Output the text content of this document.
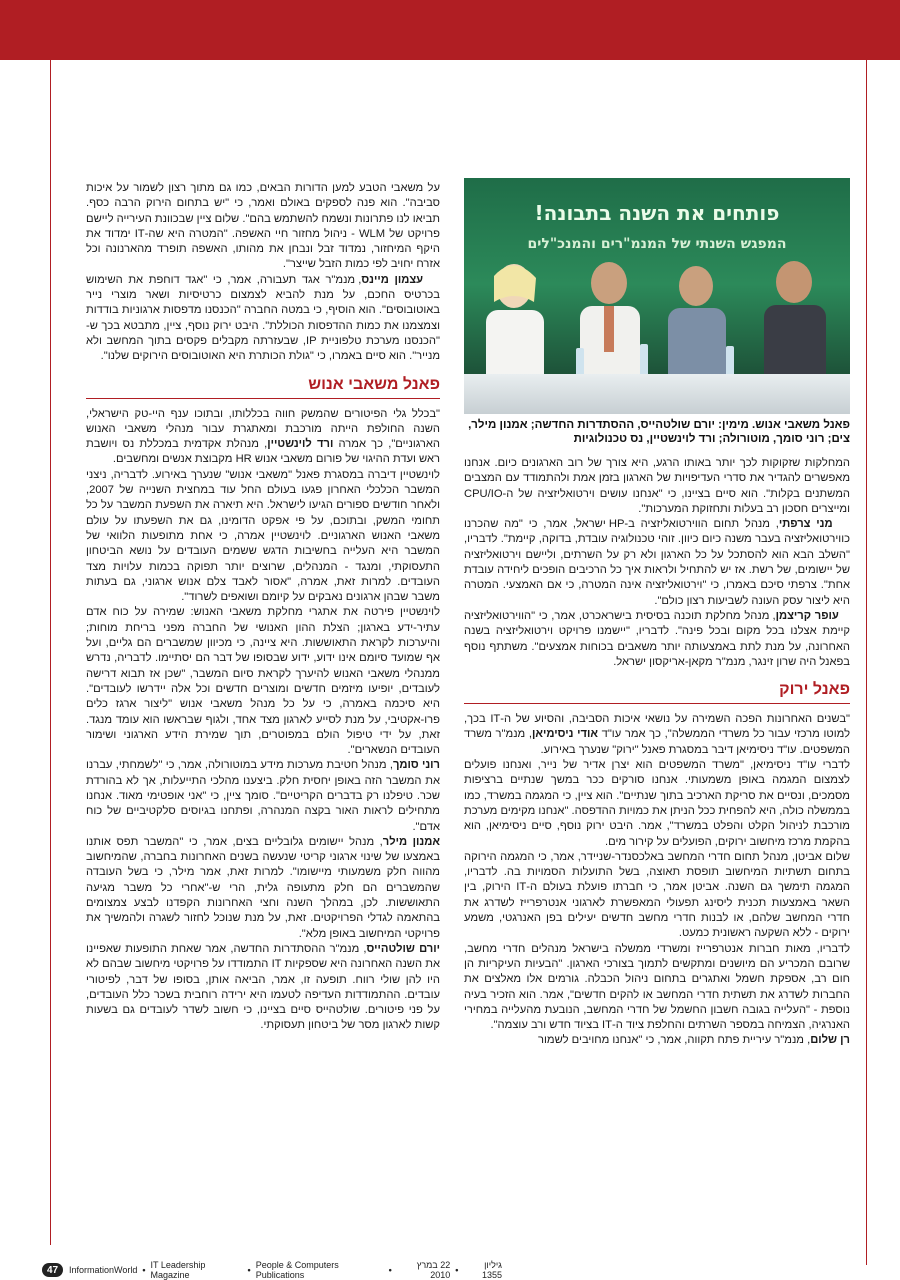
על משאבי הטבע למען הדורות הבאים, כמו גם מתוך רצון לשמור על איכות סביבה". הוא פנה לספקים באולם ואמר, כי "יש בתחום הירוק הרבה כסף. תביאו לנו פתרונות ונשמח להשתמש בהם". שלום ציין שבכוונת העירייה ליישם פרויקט של WLM - ניהול מחזור חיי האשפה. "המטרה היא שה-IT ימדוד את היקף המיחזור, נמדוד זבל ונבחן את מהותו, האשפה תופרד מהארנונה וכל אזרח יחויב לפי כמות הזבל שייצר".

עצמון מיינס, מנמ"ר אגד תעבורה, אמר, כי "אגד דוחפת את השימוש בכרטיס החכם, על מנת להביא לצמצום כרטיסיות ושאר מוצרי נייר באוטובוסים". הוא הוסיף, כי במטה החברה "הכנסנו מדפסות ארגוניות בודדות וצמצמנו את כמות ההדפסות הכוללת". היבט ירוק נוסף, ציין, מתבטא בכך ש-"הכנסנו מערכת טלפוניית IP, שבעזרתה מקבלים פקסים בתוך המחשב ולא מנייר". הוא סיים באמרו, כי "גולת הכותרת היא האוטובוסים הירוקים שלנו".

פאנל משאבי אנוש

"בכלל גלי הפיטורים שהמשק חווה בכללותו, ובתוכו ענף היי-טק הישראלי, השנה החולפת הייתה מורכבת ומאתגרת עבור מנהלי משאבי האנוש הארגוניים", כך אמרה ורד לוינשטיין, מנהלת אקדמית במכללת נס ויושבת ראש ועדת ההיגוי של פורום משאבי אנוש HR מקבוצת אנשים ומחשבים.

לוינשטיין דיברה במסגרת פאנל "משאבי אנוש" שנערך באירוע. לדבריה, ניצני המשבר הכלכלי האחרון פגעו בעולם החל עוד במחצית השנייה של 2007, ולאחר חודשים ספורים הגיעו לישראל. היא תיארה את השפעת המשבר על כל תחומי המשק, ובתוכם, על פי אפקט הדומינו, גם את השפעתו על עולם משאבי האנוש הארגוניים. לוינשטיין אמרה, כי אחת מתופעות הלוואי של המשבר היא העלייה בחשיבות הדגש ששמים העובדים על נושא הביטחון התעסוקתי, ומנגד - המנהלים, שרוצים יותר תפוקה בכמות עלויות מצד העובדים. למרות זאת, אמרה, "אסור לאבד צלם אנוש ארגוני, גם בעתות משבר שבהן ארגונים נאבקים על קיומם ושואפים לשרוד".

לוינשטיין פירטה את אתגרי מחלקת משאבי האנוש: שמירה על כוח אדם עתיר-ידע בארגון; הצלת ההון האנושי של החברה מפני בריחת מוחות; והיערכות לקראת התאוששות. היא ציינה, כי מכיוון שמשברים הם גליים, ועל אף שמועד סיומם אינו ידוע, ידוע שבסופו של דבר הם יסתיימו. לדבריה, נדרש ממנהלי משאבי האנוש להיערך לקראת סיום המשבר, "שכן אז תבוא דרישה לעובדים, יופיעו מיזמים חדשים ומוצרים חדשים וכל אלה יידרשו לעובדים". היא סיכמה באמרה, כי על כל מנהל משאבי אנוש "ליצור ארגז כלים פרו-אקטיבי, על מנת לסייע לארגון מצד אחד, ולגוף שבראשו הוא עומד מנגד. זאת, על ידי טיפול הולם במפוטרים, תוך שמירת הידע הארגוני ושימור העובדים הנשארים".

רוני סומך, מנהל חטיבת מערכות מידע במוטורולה, אמר, כי "לשמחתי, עברנו את המשבר הזה באופן יחסית חלק. ביצענו מהלכי התייעלות, אך לא בהורדת שכר. טיפלנו רק בדברים הקריטיים". סומך ציין, כי "אני אופטימי מאוד. אנחנו מתחילים לראות האור בקצה המנהרה, ופתחנו בגיוסים סלקטיביים של כוח אדם".

אמנון מילר, מנהל יישומים גלובליים בצים, אמר, כי "המשבר תפס אותנו באמצעו של שינוי ארגוני קריטי שנעשה בשנים האחרונות בחברה, שהמיחשוב מהווה חלק משמעותי מיישומו". למרות זאת, אמר מילר, כי בשל העובדה שהמשברים הם חלק מתעופה גלית, הרי ש-"אחרי כל משבר מגיעה התאוששות. לכן, במהלך השנה וחצי האחרונות הקפדנו לבצע צמצומים בהתאמה לגדלי הפרויקטים. זאת, על מנת שנוכל לחזור לשגרה ולהמשיך את פרויקטי המיחשוב באופן מלא".

יורם שולטהייס, מנמ"ר ההסתדרות החדשה, אמר שאחת התופעות שאפיינו את השנה האחרונה היא שספקיות IT התמודדו על פרויקטי מיחשוב שבהם לא היו להן שולי רווח. תופעה זו, אמר, הביאה אותן, בסופו של דבר, לפיטורי עובדים. ההתמודדות העדיפה לטעמו היא ירידה רוחבית בשכר כלל העובדים, על פני פיטורים. שולטהייס סיים בציינו, כי חשוב לשדר לעובדים גם בשעות קשות לארגון מסר של ביטחון תעסוקתי.

פותחים את השנה בתבונה!
המפגש השנתי של המנמ"רים והמנכ"לים
פאנל משאבי אנוש. מימין: יורם שולטהייס, ההסתדרות החדשה; אמנון מילר, צים; רוני סומך, מוטורולה; ורד לוינשטיין, נס טכנולוגיות

המחלקות שזקוקות לכך יותר באותו הרגע, היא צורך של רוב הארגונים כיום. אנחנו מאפשרים להגדיר את סדרי העדיפויות של הארגון בזמן אמת ולהתמודד עם המצבים המשתנים בקלות". הוא סיים בציינו, כי "אנחנו עושים וירטואליזציה של ה-CPU/IO ומייצרים חסכון רב בעלות ותחזוקת המערכות".

מני צרפתי, מנהל תחום הווירטואליזציה ב-HP ישראל, אמר, כי "מה שהכרנו כווירטואליזציה בעבר משנה כיום כיוון. זוהי טכנולוגיה עובדת, בדוקה, קיימת". לדבריו, "השלב הבא הוא להסתכל על כל הארגון ולא רק על השרתים, וליישם וירטואליזציה של יישומים, של רשת. אז יש להתחיל ולראות איך כל הרכיבים הופכים ליחידה עובדת אחת". צרפתי סיכם באמרו, כי "וירטואליזציה אינה המטרה, כי אם האמצעי. המטרה היא ליצור עסק העונה לשביעות רצון כולם".

עופר קריצמן, מנהל מחלקת תוכנה בסיסית בישראכרט, אמר, כי "הווירטואליזציה קיימת אצלנו בכל מקום ובכל פינה". לדבריו, "יישמנו פרויקט וירטואליזציה בשנה האחרונה, על מנת לתת באמצעותה יותר משאבים בכוחות אמצעים". משתתף נוסף בפאנל היה שרון זינגר, מנמ"ר מקאן-אריקסון ישראל.

פאנל ירוק

"בשנים האחרונות הפכה השמירה על נושאי איכות הסביבה, והסיוע של ה-IT בכך, למוטו מרכזי עבור כל משרדי הממשלה", כך אמר עו"ד אודי ניסימיאן, מנמ"ר משרד המשפטים. עו"ד ניסימיאן דיבר במסגרת פאנל "ירוק" שנערך באירוע.

לדברי עו"ד ניסימיאן, "משרד המשפטים הוא יצרן אדיר של נייר, ואנחנו פועלים לצמצום המגמה באופן משמעותי. אנחנו סורקים ככר במשך שנתיים ברציפות מסמכים, ונסיים את סריקת הארכיב בתוך שנתיים". הוא ציין, כי המגמה במשרד, כמו בממשלה כולה, היא להפחית ככל הניתן את כמויות ההדפסה. "אנחנו מקימים מערכת מורכבת לניהול הקלט והפלט במשרד", אמר. היבט ירוק נוסף, סיים ניסימיאן, הוא בהקמת מרכז מיחשוב ירוקים, הפועלים על קירור מים.

שלום אביטן, מנהל תחום חדרי המחשב באלכסנדר-שניידר, אמר, כי המגמה הירוקה בתחום תשתיות המיחשוב תופסת תאוצה, בשל התועלות הסמויות בה. לדבריו, המגמה תימשך גם השנה. אביטן אמר, כי חברתו פועלת בעולם ה-IT הירוק, בין השאר באמצעות תכנית ליסינג תפעולי המאפשרת לארגוני אנטרפרייז לשדרג את חדרי המחשב שלהם, או לבנות חדרי מחשב חדשים יעילים בפן האנרגטי, משמע ירוקים - ללא השקעה ראשונית כמעט.

לדבריו, מאות חברות אנטרפרייז ומשרדי ממשלה בישראל מנהלים חדרי מחשב, שרובם המכריע הם מיושנים ומתקשים לתמוך בצורכי הארגון. "הבעיות העיקריות הן חום רב, אספקת חשמל ואתגרים בתחום ניהול הכבלה. גורמים אלו מאלצים את החברות לשדרג את תשתית חדרי המחשב או להקים חדשים", אמר. הוא הזכיר בעיה נוספת - "העלייה בגובה חשבון החשמל של חדרי המחשב, הנובעת מהעלייה במחירי האנרגיה, הצמיחה במספר השרתים והחלפת ציוד ה-IT בציוד חדש ורב עוצמה".

רן שלום, מנמ"ר עיריית פתח תקווה, אמר, כי "אנחנו מחויבים לשמור

47	InformationWorld • IT Leadership Magazine	• People & Computers Publications	•	22 במרץ 2010 •	גיליון 1355
